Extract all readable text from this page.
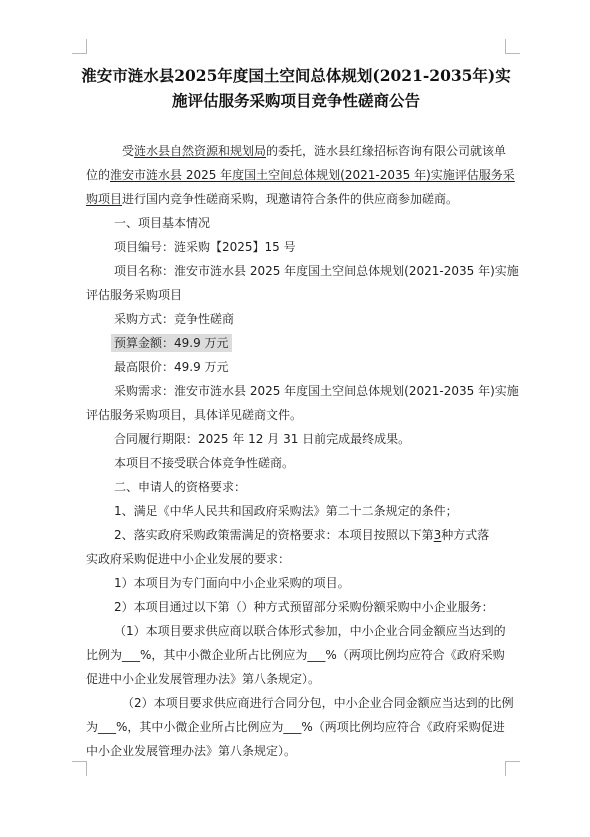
淮安市涟水县2025年度国土空间总体规划(2021-2035年)实
施评估服务采购项目竞争性磋商公告
受涟水县自然资源和规划局的委托，涟水县红缘招标咨询有限公司就该单
位的淮安市涟水县 2025 年度国土空间总体规划(2021-2035 年)实施评估服务采
购项目进行国内竞争性磋商采购，现邀请符合条件的供应商参加磋商。
一、项目基本情况
项目编号：涟采购【2025】15 号
项目名称：淮安市涟水县 2025 年度国土空间总体规划(2021-2035 年)实施
评估服务采购项目
采购方式：竞争性磋商
预算金额：49.9 万元
最高限价：49.9 万元
采购需求：淮安市涟水县 2025 年度国土空间总体规划(2021-2035 年)实施
评估服务采购项目，具体详见磋商文件。
合同履行期限：2025 年 12 月 31 日前完成最终成果。
本项目不接受联合体竞争性磋商。
二、申请人的资格要求：
1、满足《中华人民共和国政府采购法》第二十二条规定的条件；
2、落实政府采购政策需满足的资格要求：本项目按照以下第3种方式落
实政府采购促进中小企业发展的要求：
1）本项目为专门面向中小企业采购的项目。
2）本项目通过以下第（）种方式预留部分采购份额采购中小企业服务：
（1）本项目要求供应商以联合体形式参加，中小企业合同金额应当达到的
比例为___%，其中小微企业所占比例应为___%（两项比例均应符合《政府采购
促进中小企业发展管理办法》第八条规定）。
（2）本项目要求供应商进行合同分包，中小企业合同金额应当达到的比例
为___%，其中小微企业所占比例应为___%（两项比例均应符合《政府采购促进
中小企业发展管理办法》第八条规定）。
